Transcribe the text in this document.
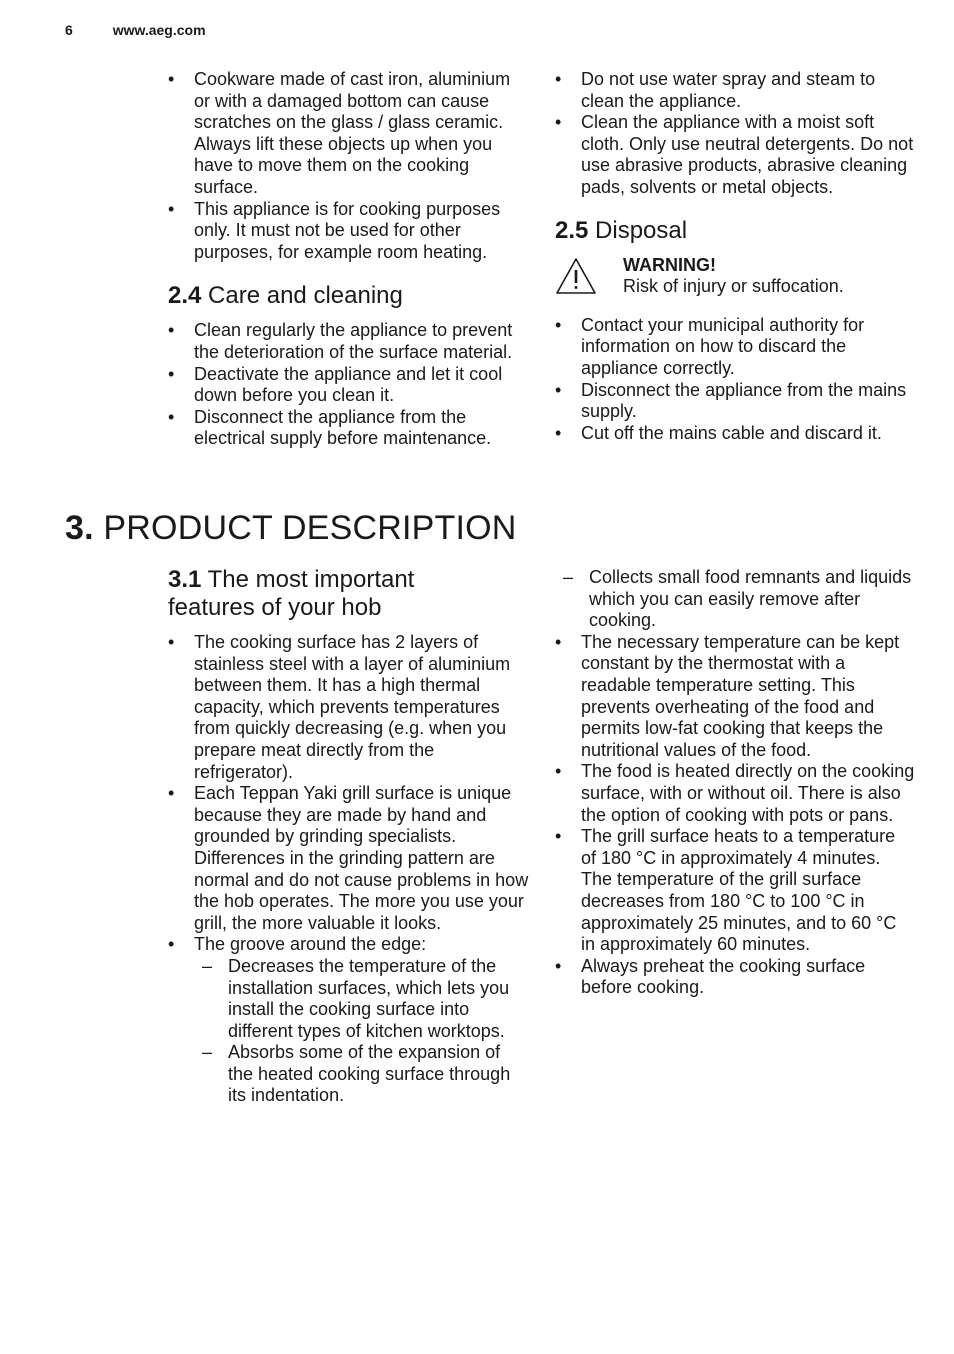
6	www.aeg.com
• Cookware made of cast iron, aluminium or with a damaged bottom can cause scratches on the glass / glass ceramic. Always lift these objects up when you have to move them on the cooking surface.
• This appliance is for cooking purposes only. It must not be used for other purposes, for example room heating.
2.4 Care and cleaning
• Clean regularly the appliance to prevent the deterioration of the surface material.
• Deactivate the appliance and let it cool down before you clean it.
• Disconnect the appliance from the electrical supply before maintenance.
• Do not use water spray and steam to clean the appliance.
• Clean the appliance with a moist soft cloth. Only use neutral detergents. Do not use abrasive products, abrasive cleaning pads, solvents or metal objects.
2.5 Disposal
WARNING!
Risk of injury or suffocation.
• Contact your municipal authority for information on how to discard the appliance correctly.
• Disconnect the appliance from the mains supply.
• Cut off the mains cable and discard it.
3. PRODUCT DESCRIPTION
3.1 The most important
features of your hob
• The cooking surface has 2 layers of stainless steel with a layer of aluminium between them. It has a high thermal capacity, which prevents temperatures from quickly decreasing (e.g. when you prepare meat directly from the refrigerator).
• Each Teppan Yaki grill surface is unique because they are made by hand and grounded by grinding specialists. Differences in the grinding pattern are normal and do not cause problems in how the hob operates. The more you use your grill, the more valuable it looks.
• The groove around the edge:
– Decreases the temperature of the installation surfaces, which lets you install the cooking surface into different types of kitchen worktops.
– Absorbs some of the expansion of the heated cooking surface through its indentation.
– Collects small food remnants and liquids which you can easily remove after cooking.
• The necessary temperature can be kept constant by the thermostat with a readable temperature setting. This prevents overheating of the food and permits low-fat cooking that keeps the nutritional values of the food.
• The food is heated directly on the cooking surface, with or without oil. There is also the option of cooking with pots or pans.
• The grill surface heats to a temperature of 180 °C in approximately 4 minutes. The temperature of the grill surface decreases from 180 °C to 100 °C in approximately 25 minutes, and to 60 °C in approximately 60 minutes.
• Always preheat the cooking surface before cooking.
